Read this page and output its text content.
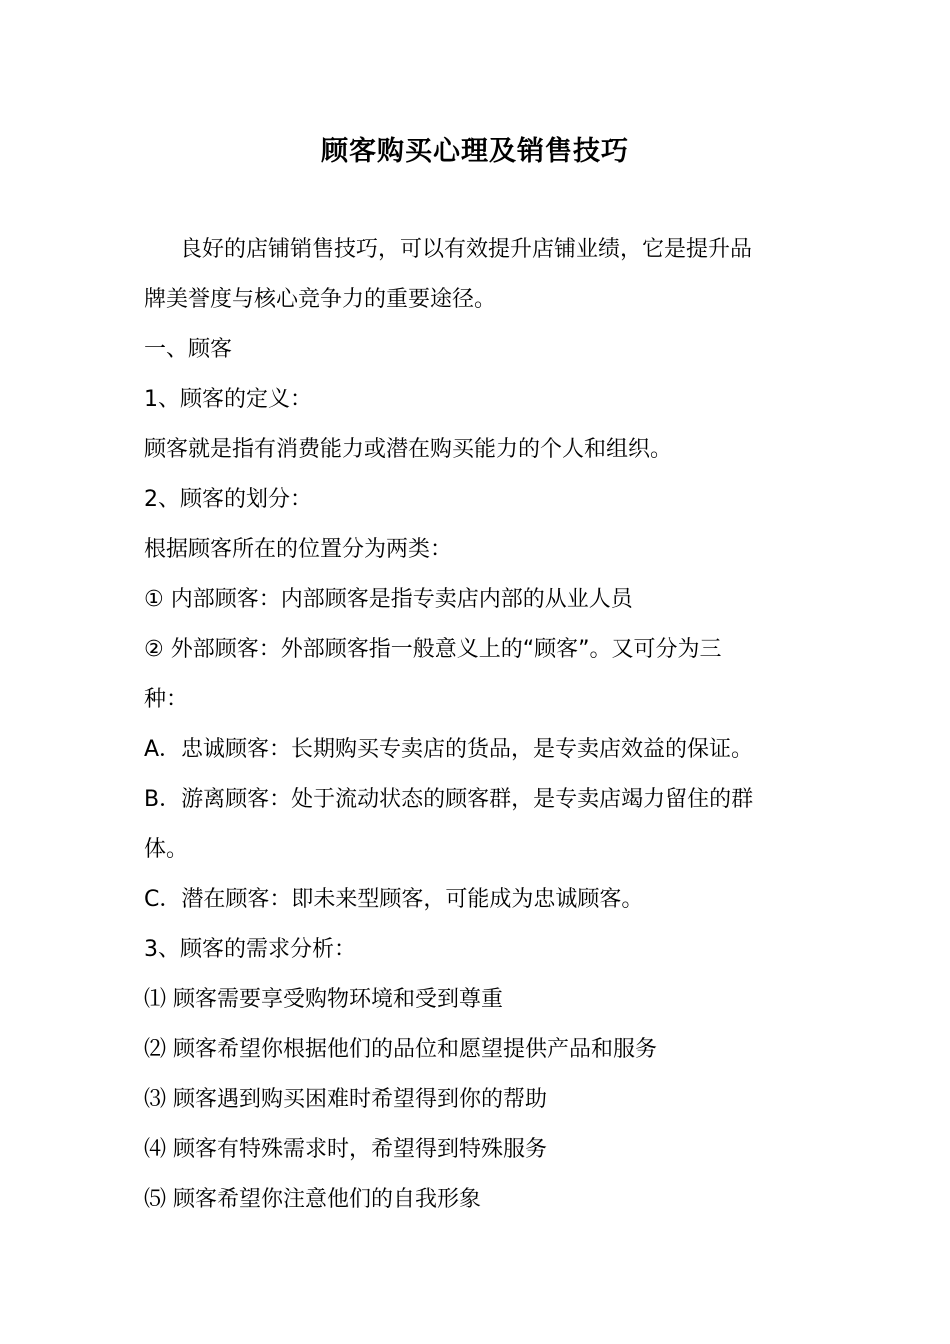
顾客购买心理及销售技巧
良好的店铺销售技巧，可以有效提升店铺业绩，它是提升品
牌美誉度与核心竞争力的重要途径。
一、顾客
1、顾客的定义：
顾客就是指有消费能力或潜在购买能力的个人和组织。
2、顾客的划分：
根据顾客所在的位置分为两类：
① 内部顾客：内部顾客是指专卖店内部的从业人员
② 外部顾客：外部顾客指一般意义上的“顾客”。又可分为三
种：
A．忠诚顾客：长期购买专卖店的货品，是专卖店效益的保证。
B．游离顾客：处于流动状态的顾客群，是专卖店竭力留住的群
体。
C．潜在顾客：即未来型顾客，可能成为忠诚顾客。
3、顾客的需求分析：
⑴ 顾客需要享受购物环境和受到尊重
⑵ 顾客希望你根据他们的品位和愿望提供产品和服务
⑶ 顾客遇到购买困难时希望得到你的帮助
⑷ 顾客有特殊需求时，希望得到特殊服务
⑸ 顾客希望你注意他们的自我形象
